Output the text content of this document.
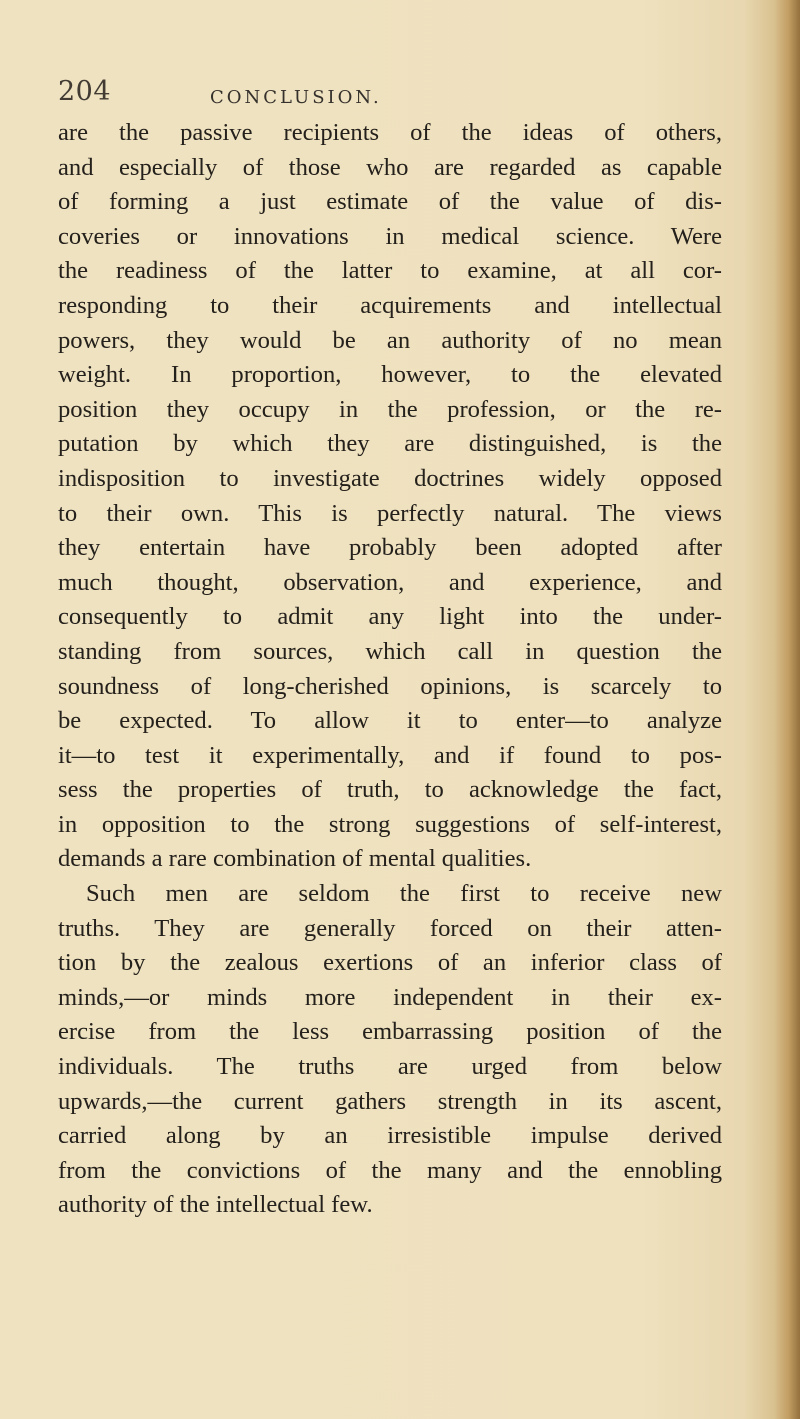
204	CONCLUSION.
are the passive recipients of the ideas of others,
and especially of those who are regarded as capable
of forming a just estimate of the value of dis-
coveries or innovations in medical science. Were
the readiness of the latter to examine, at all cor-
responding to their acquirements and intellectual
powers, they would be an authority of no mean
weight. In proportion, however, to the elevated
position they occupy in the profession, or the re-
putation by which they are distinguished, is the
indisposition to investigate doctrines widely opposed
to their own. This is perfectly natural. The views
they entertain have probably been adopted after
much thought, observation, and experience, and
consequently to admit any light into the under-
standing from sources, which call in question the
soundness of long-cherished opinions, is scarcely to
be expected. To allow it to enter—to analyze
it—to test it experimentally, and if found to pos-
sess the properties of truth, to acknowledge the fact,
in opposition to the strong suggestions of self-interest,
demands a rare combination of mental qualities.
Such men are seldom the first to receive new
truths. They are generally forced on their atten-
tion by the zealous exertions of an inferior class of
minds,—or minds more independent in their ex-
ercise from the less embarrassing position of the
individuals. The truths are urged from below
upwards,—the current gathers strength in its ascent,
carried along by an irresistible impulse derived
from the convictions of the many and the ennobling
authority of the intellectual few.
